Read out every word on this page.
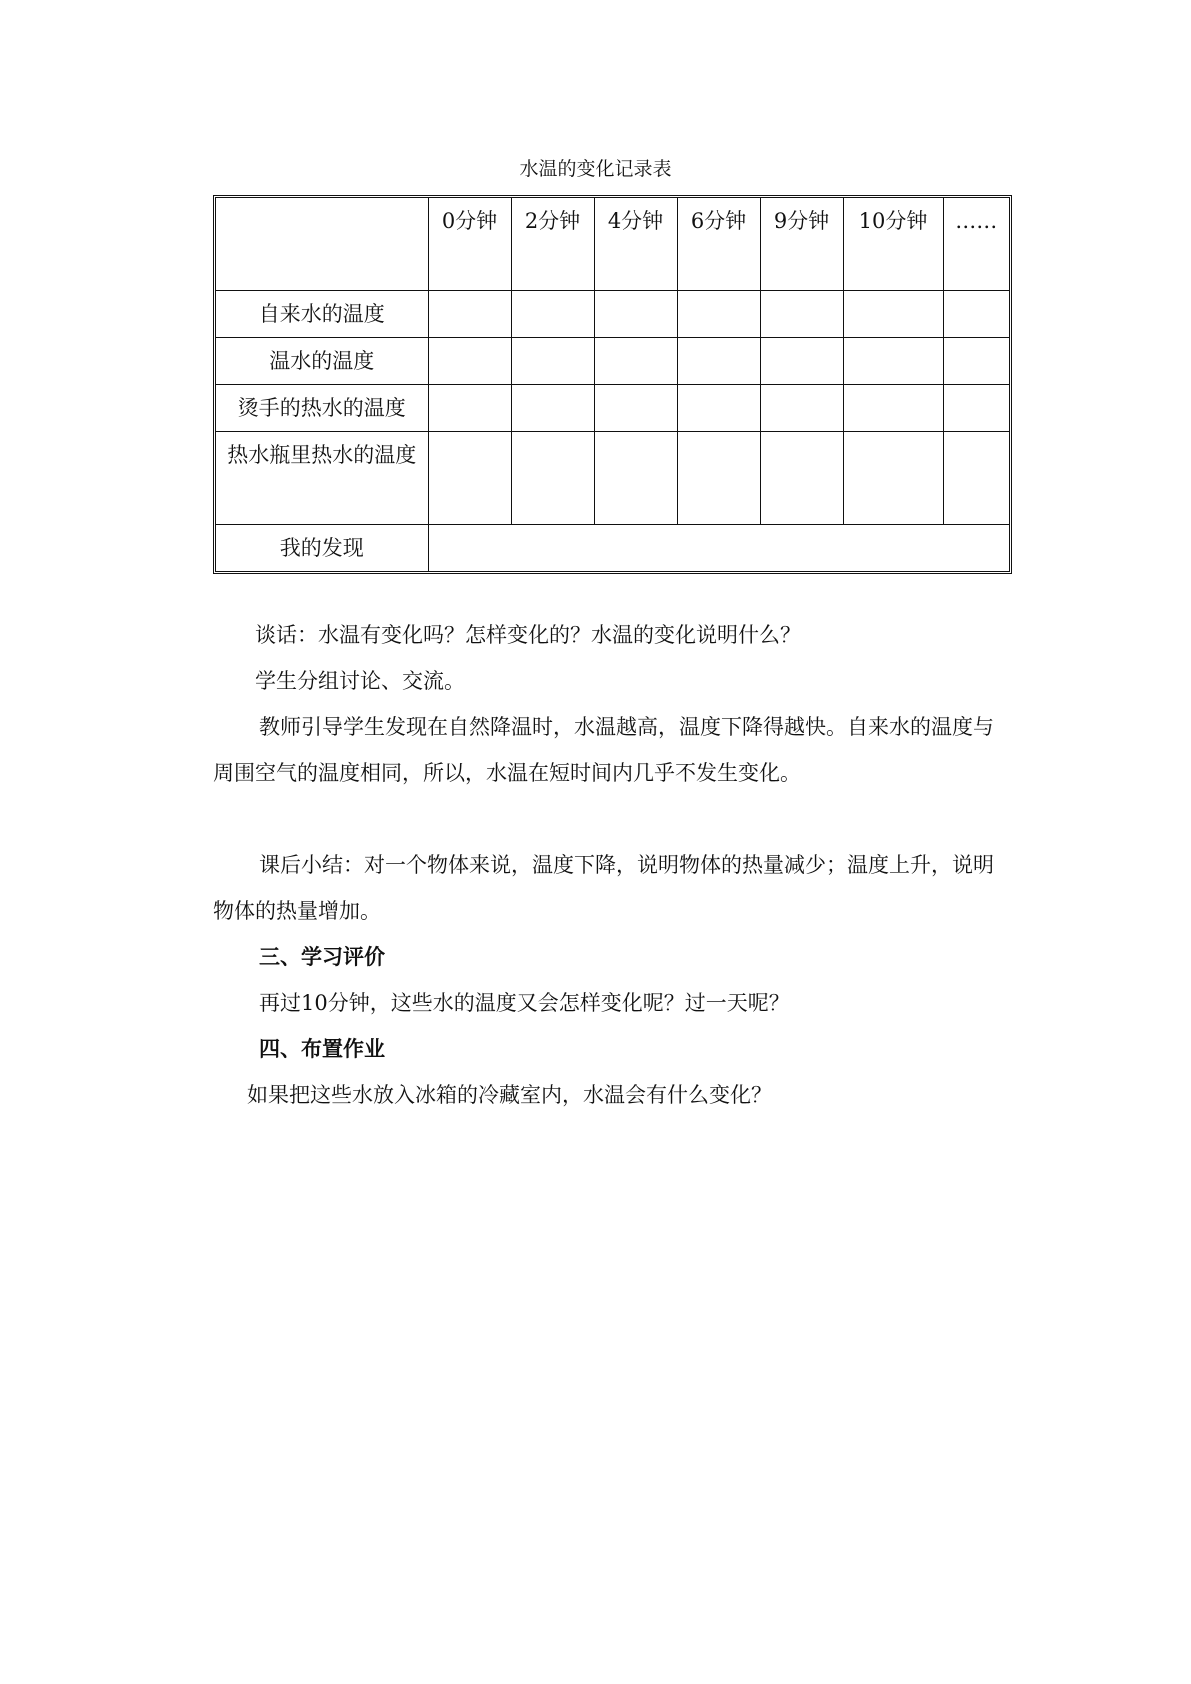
水温的变化记录表
	0分钟	2分钟	4分钟	6分钟	9分钟	10分钟	……
自来水的温度							
温水的温度							
烫手的热水的温度							
热水瓶里热水的温度							
我的发现							

谈话：水温有变化吗？怎样变化的？水温的变化说明什么？

学生分组讨论、交流。

教师引导学生发现在自然降温时，水温越高，温度下降得越快。自来水的温度与周围空气的温度相同，所以，水温在短时间内几乎不发生变化。

课后小结：对一个物体来说，温度下降，说明物体的热量减少；温度上升，说明物体的热量增加。

三、学习评价

再过10分钟，这些水的温度又会怎样变化呢？过一天呢？

四、布置作业

如果把这些水放入冰箱的冷藏室内，水温会有什么变化？
